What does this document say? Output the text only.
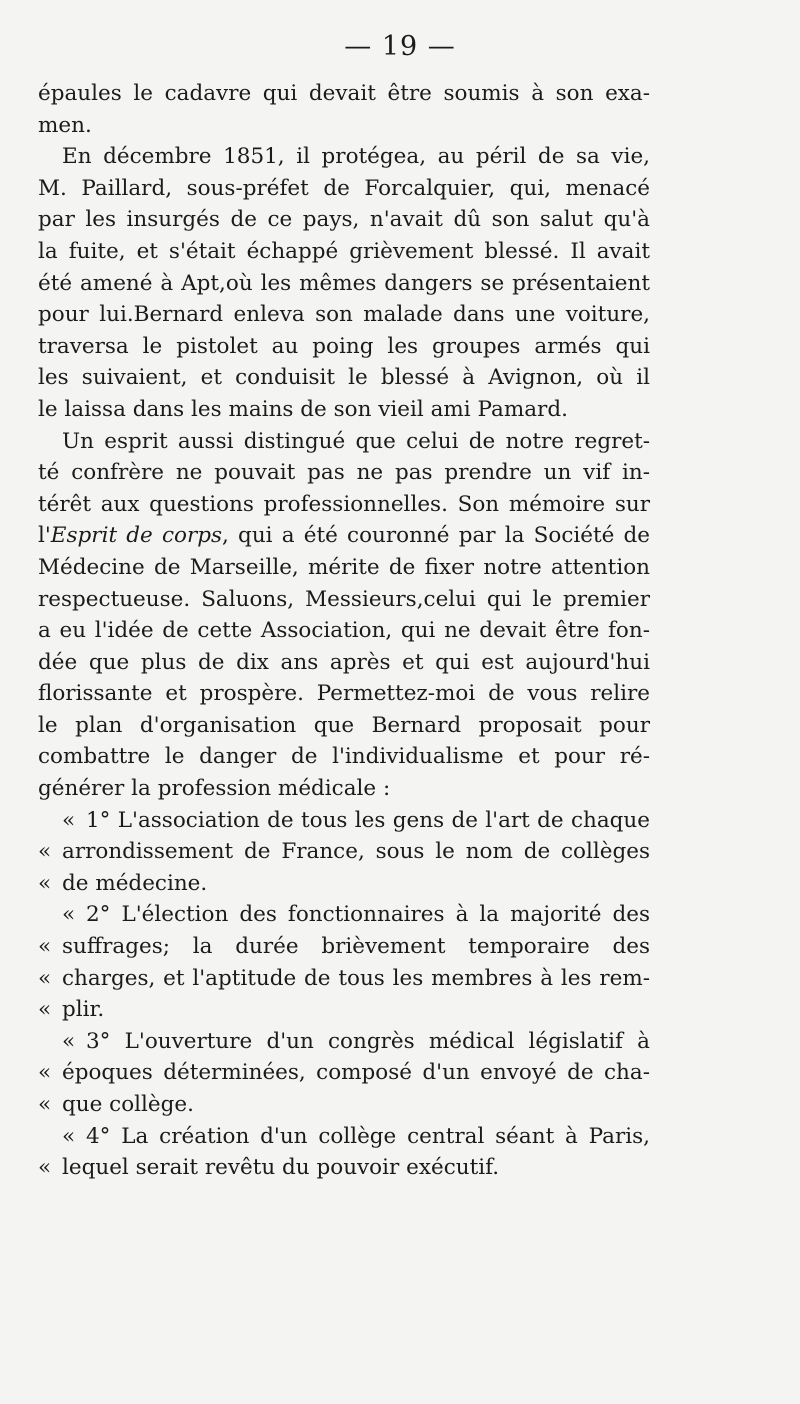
— 19 —
épaules le cadavre qui devait être soumis à son exa-
men.
En décembre 1851, il protégea, au péril de sa vie,
M. Paillard, sous-préfet de Forcalquier, qui, menacé
par les insurgés de ce pays, n'avait dû son salut qu'à
la fuite, et s'était échappé grièvement blessé. Il avait
été amené à Apt,où les mêmes dangers se présentaient
pour lui.Bernard enleva son malade dans une voiture,
traversa le pistolet au poing les groupes armés qui
les suivaient, et conduisit le blessé à Avignon, où il
le laissa dans les mains de son vieil ami Pamard.
Un esprit aussi distingué que celui de notre regret-
té confrère ne pouvait pas ne pas prendre un vif in-
térêt aux questions professionnelles. Son mémoire sur
l'Esprit de corps, qui a été couronné par la Société de
Médecine de Marseille, mérite de fixer notre attention
respectueuse. Saluons, Messieurs,celui qui le premier
a eu l'idée de cette Association, qui ne devait être fon-
dée que plus de dix ans après et qui est aujourd'hui
florissante et prospère. Permettez-moi de vous relire
le plan d'organisation que Bernard proposait pour
combattre le danger de l'individualisme et pour ré-
générer la profession médicale :
« 1° L'association de tous les gens de l'art de chaque
« arrondissement de France, sous le nom de collèges
« de médecine.
« 2° L'élection des fonctionnaires à la majorité des
« suffrages; la durée brièvement temporaire des
« charges, et l'aptitude de tous les membres à les rem-
« plir.
« 3° L'ouverture d'un congrès médical législatif à
« époques déterminées, composé d'un envoyé de cha-
« que collège.
« 4° La création d'un collège central séant à Paris,
« lequel serait revêtu du pouvoir exécutif.
